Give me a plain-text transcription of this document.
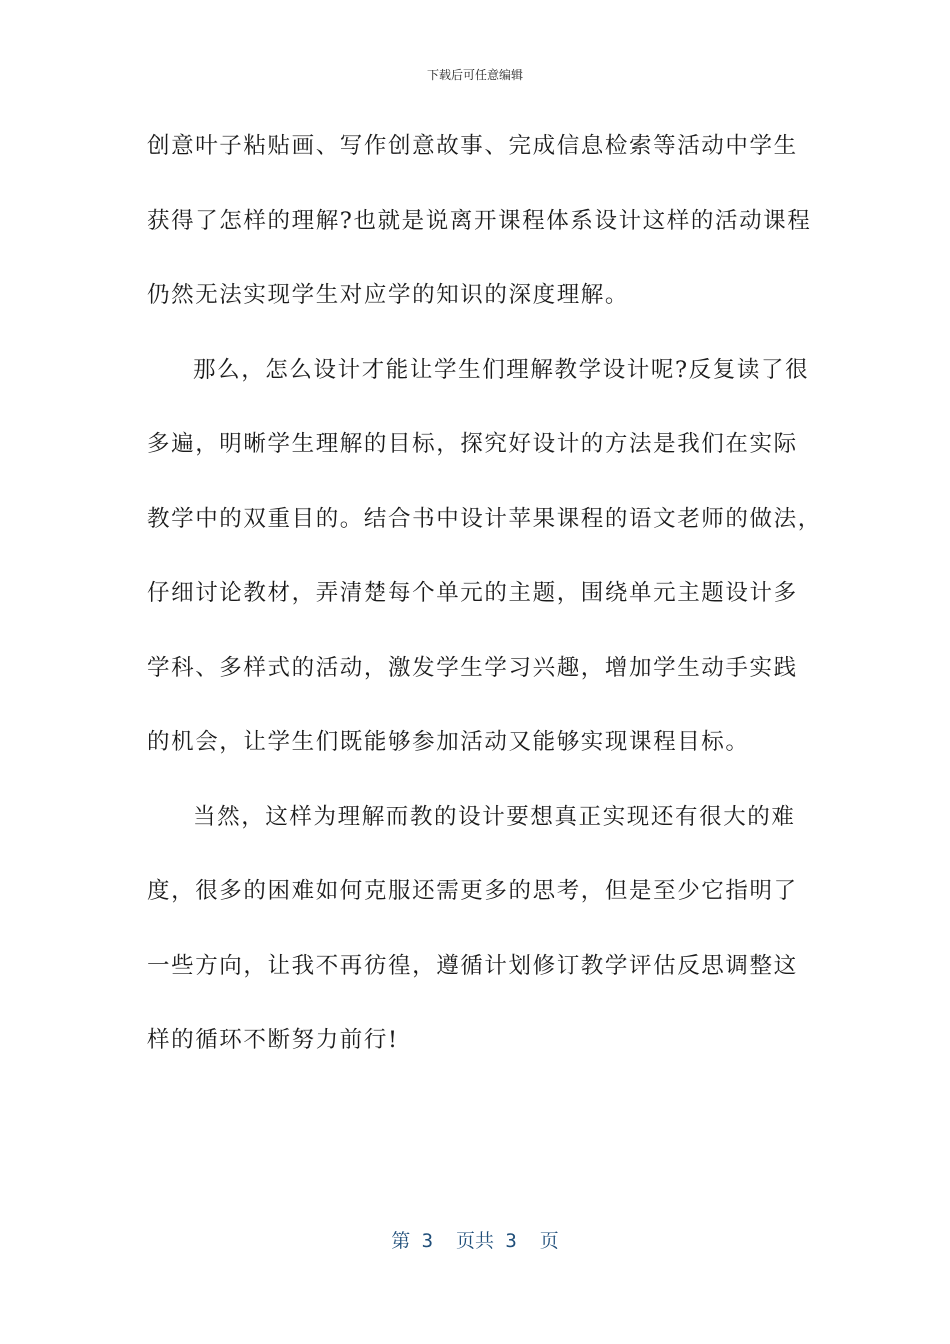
下载后可任意编辑
创意叶子粘贴画、写作创意故事、完成信息检索等活动中学生
获得了怎样的理解?也就是说离开课程体系设计这样的活动课程
仍然无法实现学生对应学的知识的深度理解。
那么，怎么设计才能让学生们理解教学设计呢?反复读了很
多遍，明晰学生理解的目标，探究好设计的方法是我们在实际
教学中的双重目的。结合书中设计苹果课程的语文老师的做法，
仔细讨论教材，弄清楚每个单元的主题，围绕单元主题设计多
学科、多样式的活动，激发学生学习兴趣，增加学生动手实践
的机会，让学生们既能够参加活动又能够实现课程目标。
当然，这样为理解而教的设计要想真正实现还有很大的难
度，很多的困难如何克服还需更多的思考，但是至少它指明了
一些方向，让我不再彷徨，遵循计划修订教学评估反思调整这
样的循环不断努力前行!
第 3  页共 3  页
